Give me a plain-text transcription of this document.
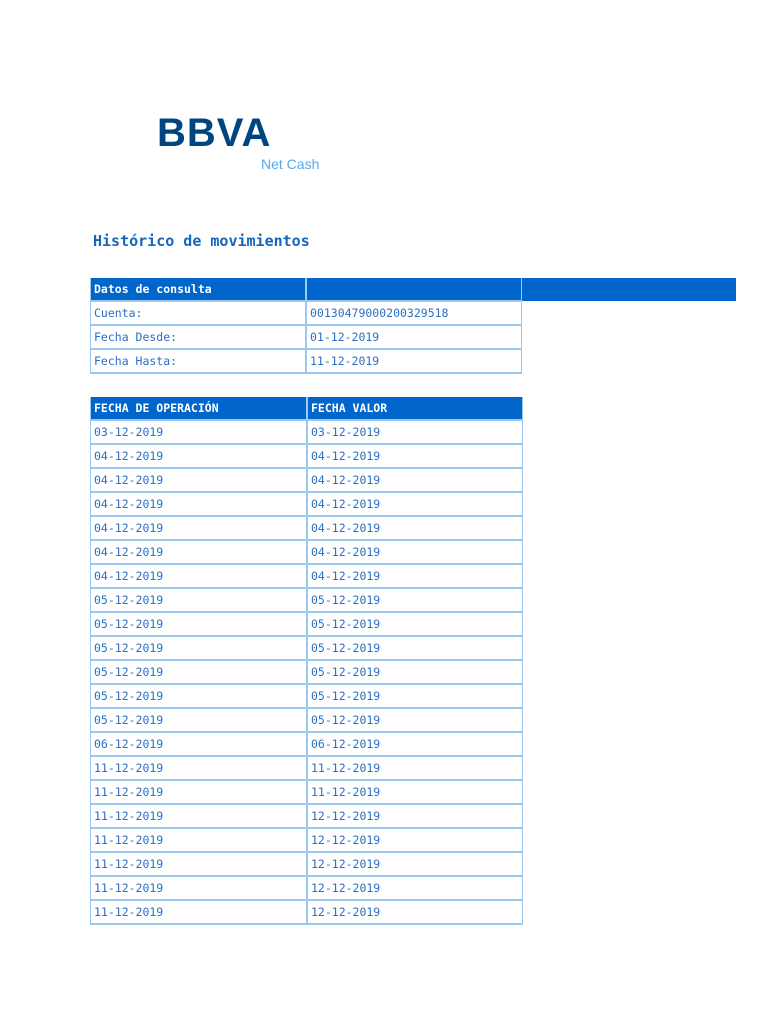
BBVA
Net Cash
Histórico de movimientos
Datos de consulta	
Cuenta:	00130479000200329518
Fecha Desde:	01-12-2019
Fecha Hasta:	11-12-2019
FECHA DE OPERACIÓN	FECHA VALOR
03-12-2019	03-12-2019
04-12-2019	04-12-2019
04-12-2019	04-12-2019
04-12-2019	04-12-2019
04-12-2019	04-12-2019
04-12-2019	04-12-2019
04-12-2019	04-12-2019
05-12-2019	05-12-2019
05-12-2019	05-12-2019
05-12-2019	05-12-2019
05-12-2019	05-12-2019
05-12-2019	05-12-2019
05-12-2019	05-12-2019
06-12-2019	06-12-2019
11-12-2019	11-12-2019
11-12-2019	11-12-2019
11-12-2019	12-12-2019
11-12-2019	12-12-2019
11-12-2019	12-12-2019
11-12-2019	12-12-2019
11-12-2019	12-12-2019
